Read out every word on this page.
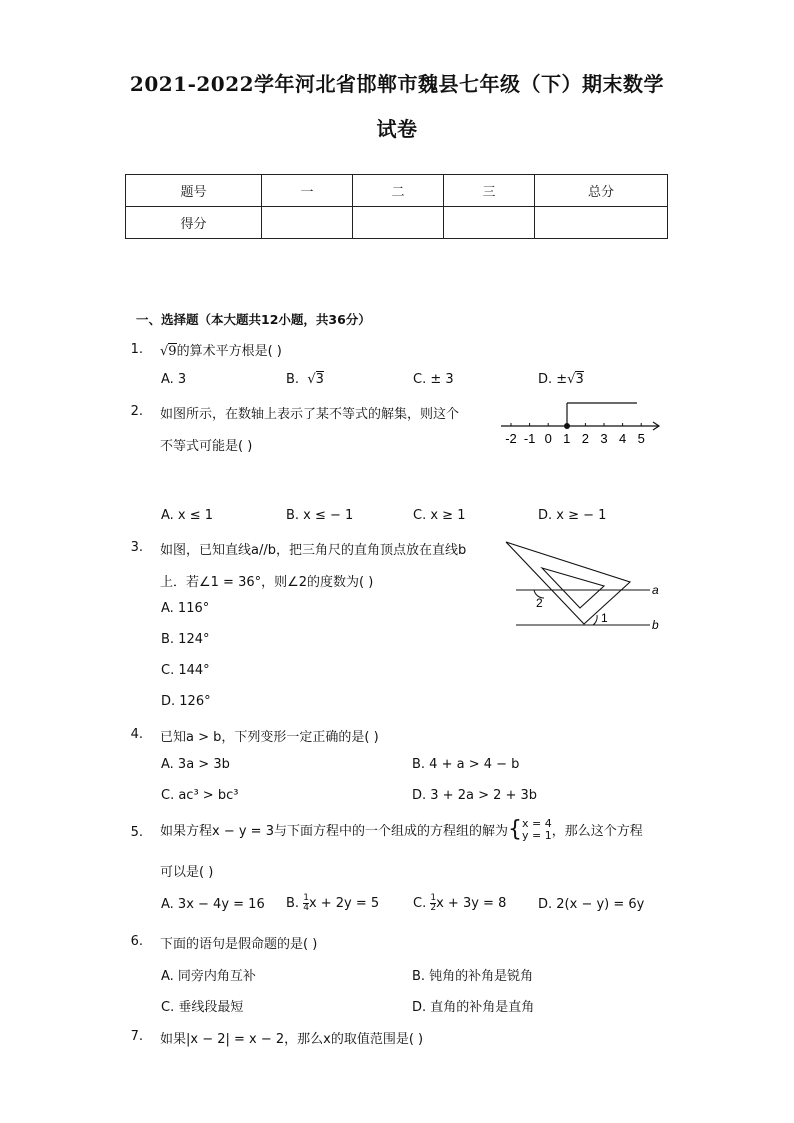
2021-2022学年河北省邯郸市魏县七年级（下）期末数学
试卷
题号	一	二	三	总分
得分				
一、选择题（本大题共12小题，共36分）
1. √9的算术平方根是( )
A. 3	B.  √3	C. ± 3	D. ±√3
2. 如图所示，在数轴上表示了某不等式的解集，则这个
不等式可能是( )
-2 -1 0 1 2 3 4 5
A. x ≤ 1	B. x ≤ − 1	C. x ≥ 1	D. x ≥ − 1
3. 如图，已知直线a//b，把三角尺的直角顶点放在直线b
上．若∠1 = 36°，则∠2的度数为( )
1
2
a
b
A. 116°
B. 124°
C. 144°
D. 126°
4. 已知a > b，下列变形一定正确的是( )
A. 3a > 3b	B. 4 + a > 4 − b
C. ac³ > bc³	D. 3 + 2a > 2 + 3b
5. 如果方程x − y = 3与下面方程中的一个组成的方程组的解为{ x = 4
y = 1 ，那么这个方程
可以是( )
A. 3x − 4y = 16 B. $\frac{1}{4}$ x + 2y = 5	C. $\frac{1}{2}$ x + 3y = 8 D. 2(x − y) = 6y
6. 下面的语句是假命题的是( )
A. 同旁内角互补	B. 钝角的补角是锐角
C. 垂线段最短	D. 直角的补角是直角
7. 如果|x − 2| = x − 2，那么x的取值范围是( )
